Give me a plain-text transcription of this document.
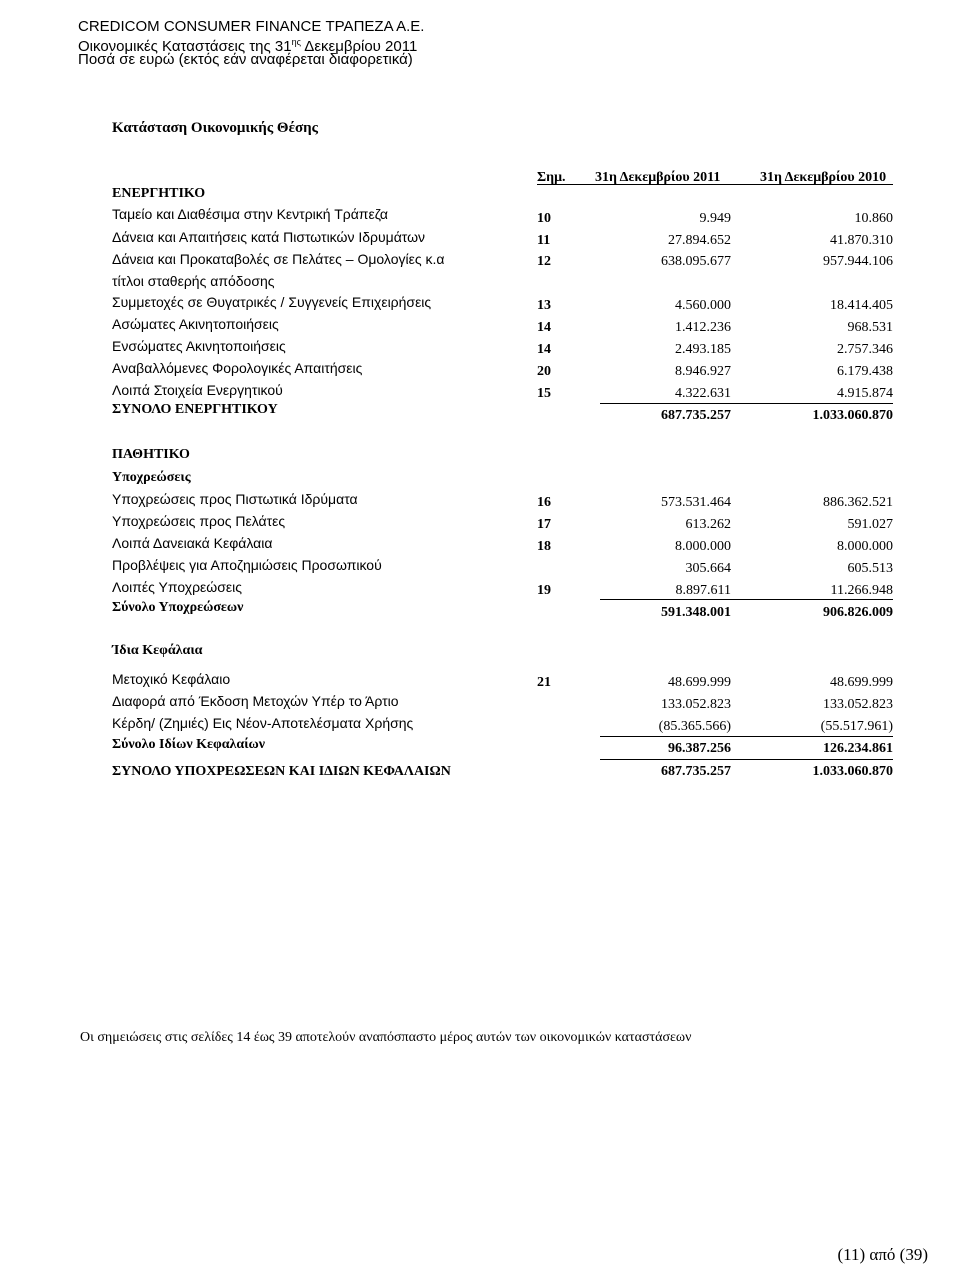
CREDICOM CONSUMER FINANCE ΤΡΑΠΕΖΑ Α.Ε.
Οικονομικές Καταστάσεις της $31^{\eta\varsigma}$ Δεκεμβρίου 2011
Ποσά σε ευρώ (εκτός εάν αναφέρεται διαφορετικά)
Κατάσταση Οικονομικής Θέσης
Σημ. 31η Δεκεμβρίου 2011	31η Δεκεμβρίου 2010
ΕΝΕΡΓΗΤΙΚΟ
Ταμείο και Διαθέσιμα στην Κεντρική Τράπεζα	10	9.949	10.860
Δάνεια και Απαιτήσεις κατά Πιστωτικών Ιδρυμάτων	11	27.894.652	41.870.310
Δάνεια και Προκαταβολές σε Πελάτες – Ομολογίες κ.α	12	638.095.677	957.944.106
τίτλοι σταθερής απόδοσης
Συμμετοχές σε Θυγατρικές / Συγγενείς Επιχειρήσεις	13	4.560.000	18.414.405
Ασώματες Ακινητοποιήσεις	14	1.412.236	968.531
Ενσώματες Ακινητοποιήσεις	14	2.493.185	2.757.346
Αναβαλλόμενες Φορολογικές Απαιτήσεις	20	8.946.927	6.179.438
Λοιπά Στοιχεία Ενεργητικού	15	4.322.631	4.915.874
ΣΥΝΟΛΟ ΕΝΕΡΓΗΤΙΚΟΥ	687.735.257	1.033.060.870
ΠΑΘΗΤΙΚΟ
Υποχρεώσεις
Υποχρεώσεις προς Πιστωτικά Ιδρύματα	16	573.531.464	886.362.521
Υποχρεώσεις προς Πελάτες	17	613.262	591.027
Λοιπά Δανειακά Κεφάλαια	18	8.000.000	8.000.000
Προβλέψεις για Αποζημιώσεις Προσωπικού	305.664	605.513
Λοιπές Υποχρεώσεις	19	8.897.611	11.266.948
Σύνολο Υποχρεώσεων	591.348.001	906.826.009
Ίδια Κεφάλαια
Μετοχικό Κεφάλαιο	21	48.699.999	48.699.999
Διαφορά από Έκδοση Μετοχών Υπέρ το Άρτιο	133.052.823	133.052.823
Κέρδη/ (Ζημιές) Εις Νέον-Αποτελέσματα Χρήσης	(85.365.566)	(55.517.961)
Σύνολο Ιδίων Κεφαλαίων	96.387.256	126.234.861
ΣΥΝΟΛΟ ΥΠΟΧΡΕΩΣΕΩΝ ΚΑΙ ΙΔΙΩΝ ΚΕΦΑΛΑΙΩΝ	687.735.257	1.033.060.870
Οι σημειώσεις στις σελίδες 14 έως 39 αποτελούν αναπόσπαστο μέρος αυτών των οικονομικών καταστάσεων
(11) από (39)
